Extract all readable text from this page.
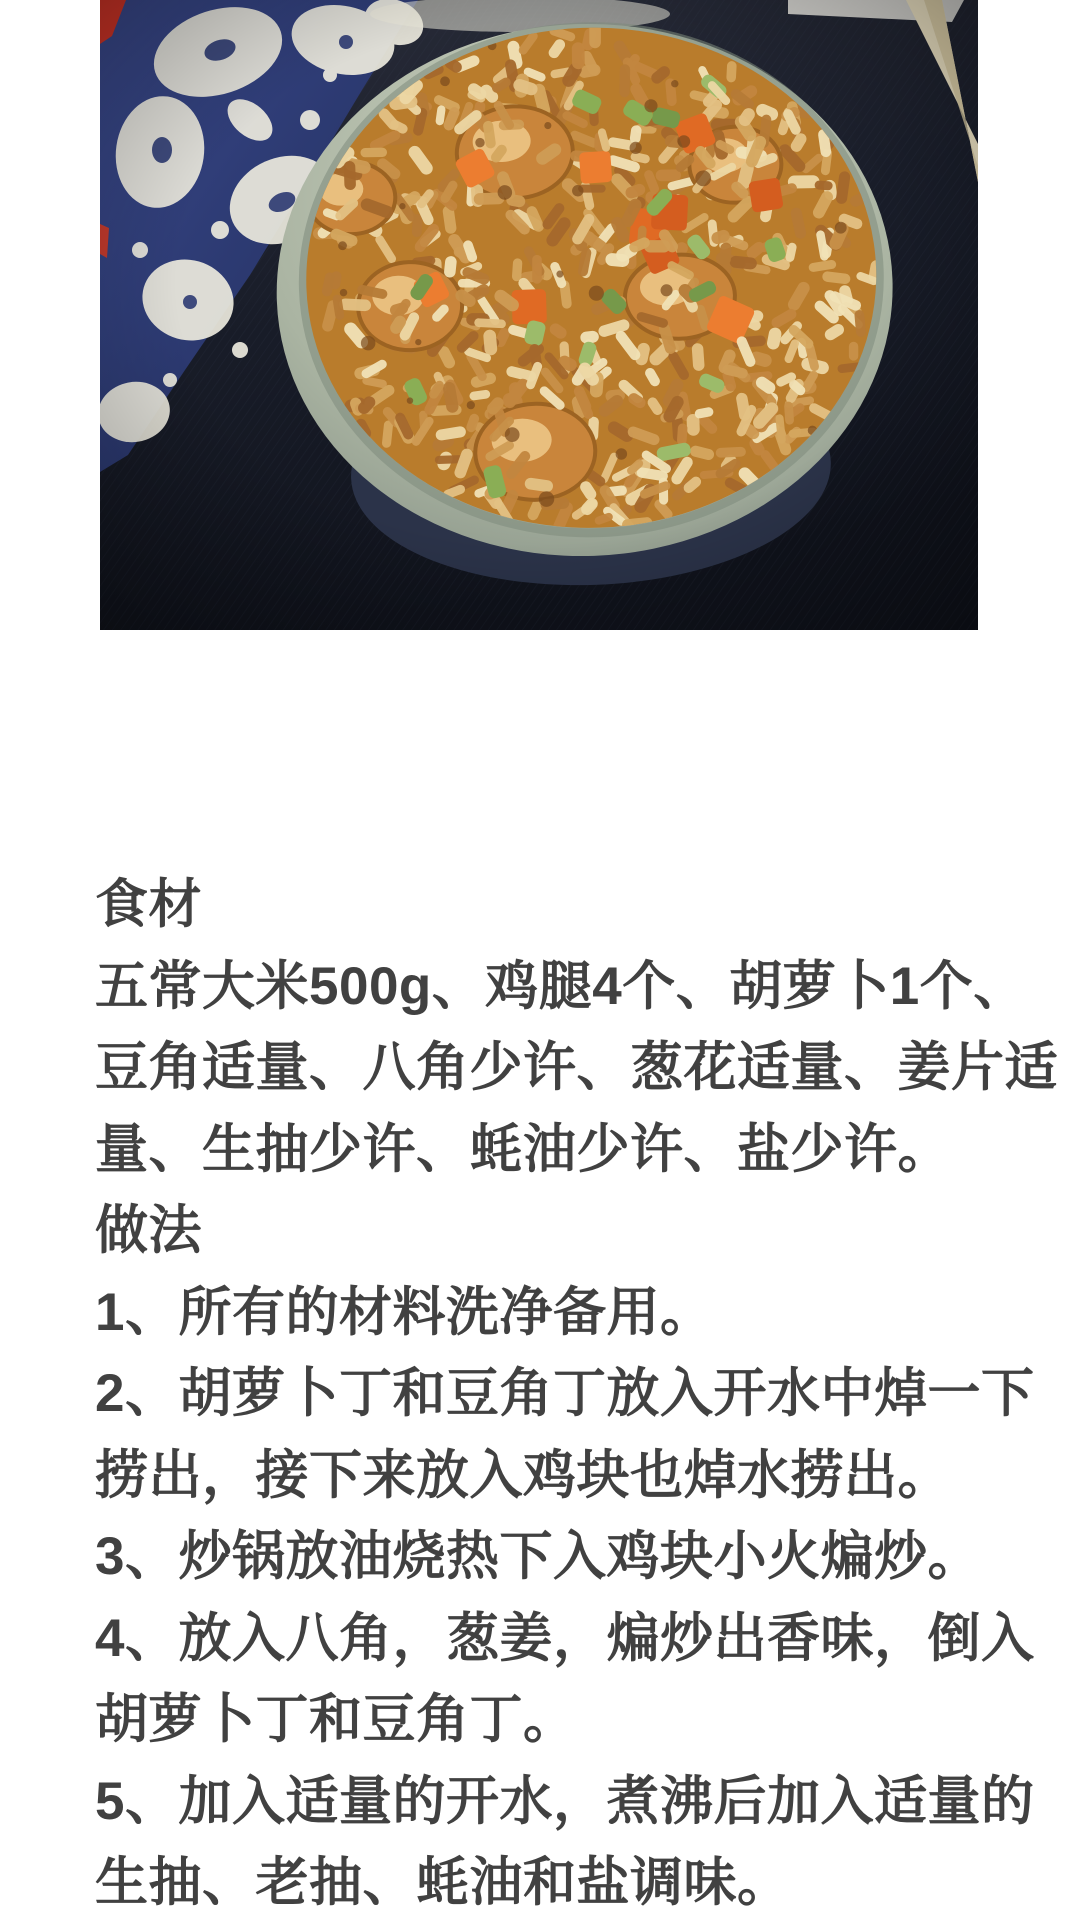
食材
五常大米500g、鸡腿4个、胡萝卜1个、
豆角适量、八角少许、葱花适量、姜片适
量、生抽少许、蚝油少许、盐少许。
做法
1、所有的材料洗净备用。
2、胡萝卜丁和豆角丁放入开水中焯一下
捞出，接下来放入鸡块也焯水捞出。
3、炒锅放油烧热下入鸡块小火煸炒。
4、放入八角，葱姜，煸炒出香味，倒入
胡萝卜丁和豆角丁。
5、加入适量的开水，煮沸后加入适量的
生抽、老抽、蚝油和盐调味。
